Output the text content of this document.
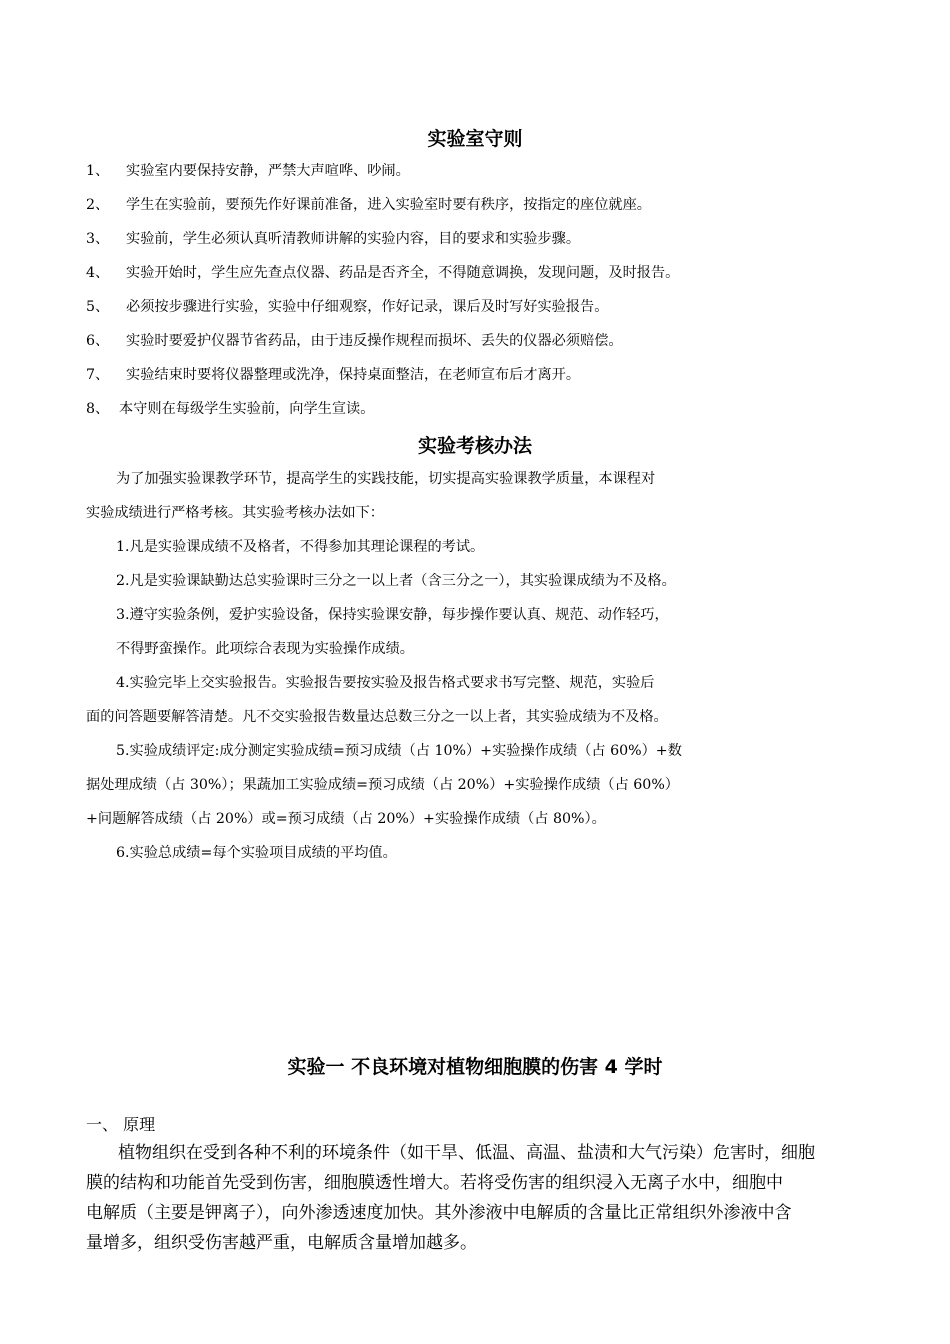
实验室守则
1、 实验室内要保持安静，严禁大声喧哗、吵闹。
2、 学生在实验前，要预先作好课前准备，进入实验室时要有秩序，按指定的座位就座。
3、 实验前，学生必须认真听清教师讲解的实验内容，目的要求和实验步骤。
4、 实验开始时，学生应先查点仪器、药品是否齐全，不得随意调换，发现问题，及时报告。
5、 必须按步骤进行实验，实验中仔细观察，作好记录，课后及时写好实验报告。
6、 实验时要爱护仪器节省药品，由于违反操作规程而损坏、丢失的仪器必须赔偿。
7、 实验结束时要将仪器整理或洗净，保持桌面整洁，在老师宣布后才离开。
8、 本守则在每级学生实验前，向学生宣读。
实验考核办法
为了加强实验课教学环节，提高学生的实践技能，切实提高实验课教学质量，本课程对
实验成绩进行严格考核。其实验考核办法如下：
1.凡是实验课成绩不及格者，不得参加其理论课程的考试。
2.凡是实验课缺勤达总实验课时三分之一以上者（含三分之一），其实验课成绩为不及格。
3.遵守实验条例，爱护实验设备，保持实验课安静，每步操作要认真、规范、动作轻巧，
不得野蛮操作。此项综合表现为实验操作成绩。
4.实验完毕上交实验报告。实验报告要按实验及报告格式要求书写完整、规范，实验后
面的问答题要解答清楚。凡不交实验报告数量达总数三分之一以上者，其实验成绩为不及格。
5.实验成绩评定:成分测定实验成绩=预习成绩（占 10%）+实验操作成绩（占 60%）+数
据处理成绩（占 30%）；果蔬加工实验成绩=预习成绩（占 20%）+实验操作成绩（占 60%）
+问题解答成绩（占 20%）或=预习成绩（占 20%）+实验操作成绩（占 80%）。
6.实验总成绩=每个实验项目成绩的平均值。
实验一 不良环境对植物细胞膜的伤害 4 学时
一、 原理
植物组织在受到各种不利的环境条件（如干旱、低温、高温、盐渍和大气污染）危害时，细胞
膜的结构和功能首先受到伤害，细胞膜透性增大。若将受伤害的组织浸入无离子水中，细胞中
电解质（主要是钾离子），向外渗透速度加快。其外渗液中电解质的含量比正常组织外渗液中含
量增多，组织受伤害越严重，电解质含量增加越多。
